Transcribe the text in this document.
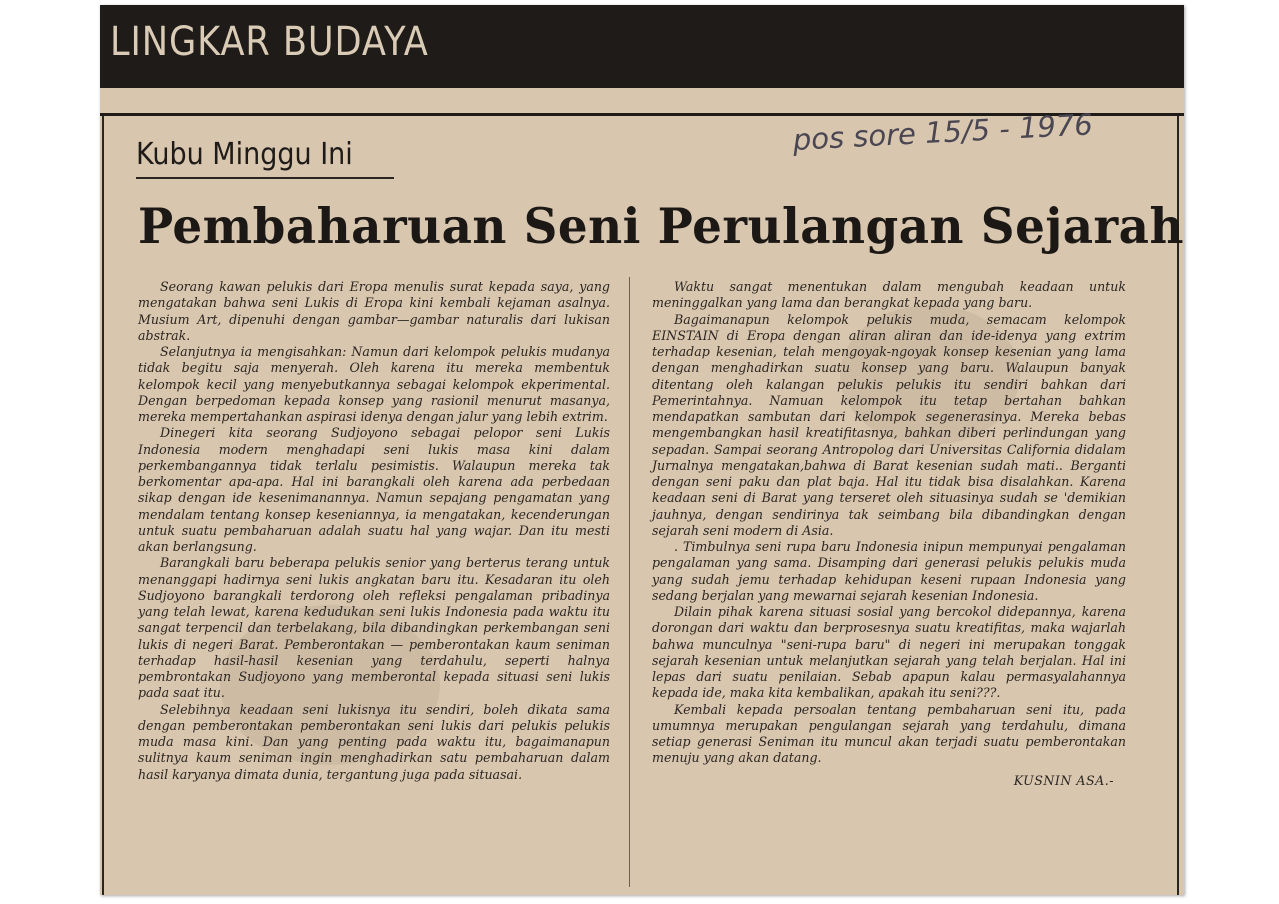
LINGKAR BUDAYA
Kubu Minggu Ini	pos sore 15/5 - 1976
Pembaharuan Seni Perulangan Sejarah

Seorang kawan pelukis dari Eropa menulis surat kepada saya, yang mengatakan bahwa seni Lukis di Eropa kini kembali kejaman asalnya. Musium Art, dipenuhi dengan gambar—gambar naturalis dari lukisan abstrak.

Selanjutnya ia mengisahkan: Namun dari kelompok pelukis mudanya tidak begitu saja menyerah. Oleh karena itu mereka membentuk kelompok kecil yang menyebutkannya sebagai kelompok ekperimental. Dengan berpedoman kepada konsep yang rasionil menurut masanya, mereka mempertahankan aspirasi idenya dengan jalur yang lebih extrim.

Dinegeri kita seorang Sudjoyono sebagai pelopor seni Lukis Indonesia modern menghadapi seni lukis masa kini dalam perkembangannya tidak terlalu pesimistis. Walaupun mereka tak berkomentar apa-apa. Hal ini barangkali oleh karena ada perbedaan sikap dengan ide kesenimanannya. Namun sepajang pengamatan yang mendalam tentang konsep keseniannya, ia mengatakan, kecenderungan untuk suatu pembaharuan adalah suatu hal yang wajar. Dan itu mesti akan berlangsung.

Barangkali baru beberapa pelukis senior yang berterus terang untuk menanggapi hadirnya seni lukis angkatan baru itu. Kesadaran itu oleh Sudjoyono barangkali terdorong oleh refleksi pengalaman pribadinya yang telah lewat, karena kedudukan seni lukis Indonesia pada waktu itu sangat terpencil dan terbelakang, bila dibandingkan perkembangan seni lukis di negeri Barat. Pemberontakan — pemberontakan kaum seniman terhadap hasil-hasil kesenian yang terdahulu, seperti halnya pembrontakan Sudjoyono yang memberontal kepada situasi seni lukis pada saat itu.

Selebihnya keadaan seni lukisnya itu sendiri, boleh dikata sama dengan pemberontakan pemberontakan seni lukis dari pelukis pelukis muda masa kini. Dan yang penting pada waktu itu, bagaimanapun sulitnya kaum seniman ingin menghadirkan satu pembaharuan dalam hasil karyanya dimata dunia, tergantung juga pada situasai.

Waktu sangat menentukan dalam mengubah keadaan untuk meninggalkan yang lama dan berangkat kepada yang baru.

Bagaimanapun kelompok pelukis muda, semacam kelompok EINSTAIN di Eropa dengan aliran aliran dan ide-idenya yang extrim terhadap kesenian, telah mengoyak-ngoyak konsep kesenian yang lama dengan menghadirkan suatu konsep yang baru. Walaupun banyak ditentang oleh kalangan pelukis pelukis itu sendiri bahkan dari Pemerintahnya. Namuan kelompok itu tetap bertahan bahkan mendapatkan sambutan dari kelompok segenerasinya. Mereka bebas mengembangkan hasil kreatifitasnya, bahkan diberi perlindungan yang sepadan. Sampai seorang Antropolog dari Universitas California didalam Jurnalnya mengatakan,bahwa di Barat kesenian sudah mati.. Berganti dengan seni paku dan plat baja. Hal itu tidak bisa disalahkan. Karena keadaan seni di Barat yang terseret oleh situasinya sudah se 'demikian jauhnya, dengan sendirinya tak seimbang bila dibandingkan dengan sejarah seni modern di Asia.

. Timbulnya seni rupa baru Indonesia inipun mempunyai pengalaman pengalaman yang sama. Disamping dari generasi pelukis pelukis muda yang sudah jemu terhadap kehidupan keseni rupaan Indonesia yang sedang berjalan yang mewarnai sejarah kesenian Indonesia.

Dilain pihak karena situasi sosial yang bercokol didepannya, karena dorongan dari waktu dan berprosesnya suatu kreatifitas, maka wajarlah bahwa munculnya "seni-rupa baru" di negeri ini merupakan tonggak sejarah kesenian untuk melanjutkan sejarah yang telah berjalan. Hal ini lepas dari suatu penilaian. Sebab apapun kalau permasyalahannya kepada ide, maka kita kembalikan, apakah itu seni???.

Kembali kepada persoalan tentang pembaharuan seni itu, pada umumnya merupakan pengulangan sejarah yang terdahulu, dimana setiap generasi Seniman itu muncul akan terjadi suatu pemberontakan menuju yang akan datang.

KUSNIN ASA.-
